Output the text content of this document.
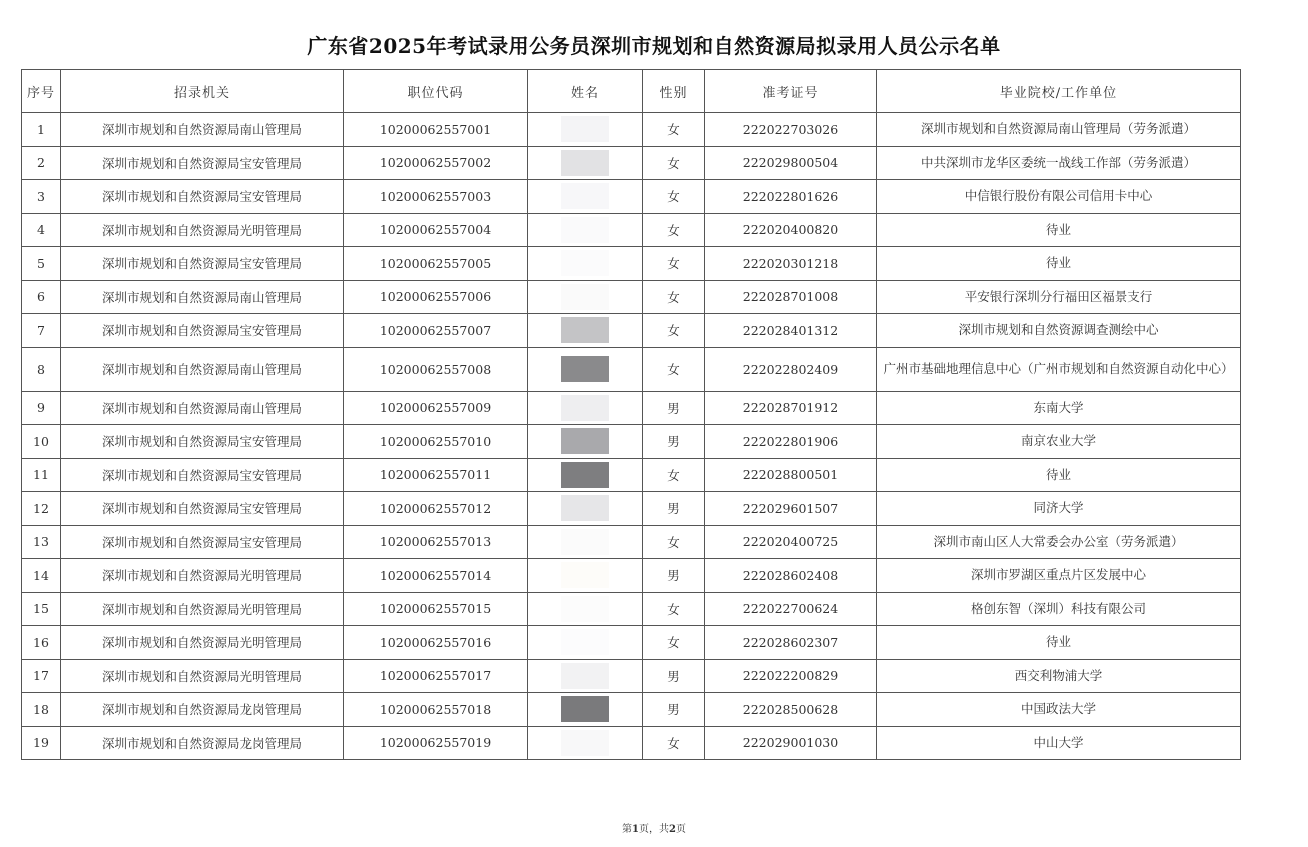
广东省2025年考试录用公务员深圳市规划和自然资源局拟录用人员公示名单
序号	招录机关	职位代码	姓名	性别	准考证号	毕业院校/工作单位
1	深圳市规划和自然资源局南山管理局	10200062557001		女	222022703026	深圳市规划和自然资源局南山管理局（劳务派遣）
2	深圳市规划和自然资源局宝安管理局	10200062557002		女	222029800504	中共深圳市龙华区委统一战线工作部（劳务派遣）
3	深圳市规划和自然资源局宝安管理局	10200062557003		女	222022801626	中信银行股份有限公司信用卡中心
4	深圳市规划和自然资源局光明管理局	10200062557004		女	222020400820	待业
5	深圳市规划和自然资源局宝安管理局	10200062557005		女	222020301218	待业
6	深圳市规划和自然资源局南山管理局	10200062557006		女	222028701008	平安银行深圳分行福田区福景支行
7	深圳市规划和自然资源局宝安管理局	10200062557007		女	222028401312	深圳市规划和自然资源调查测绘中心
8	深圳市规划和自然资源局南山管理局	10200062557008		女	222022802409	广州市基础地理信息中心（广州市规划和自然资源自动化中心）
9	深圳市规划和自然资源局南山管理局	10200062557009		男	222028701912	东南大学
10	深圳市规划和自然资源局宝安管理局	10200062557010		男	222022801906	南京农业大学
11	深圳市规划和自然资源局宝安管理局	10200062557011		女	222028800501	待业
12	深圳市规划和自然资源局宝安管理局	10200062557012		男	222029601507	同济大学
13	深圳市规划和自然资源局宝安管理局	10200062557013		女	222020400725	深圳市南山区人大常委会办公室（劳务派遣）
14	深圳市规划和自然资源局光明管理局	10200062557014		男	222028602408	深圳市罗湖区重点片区发展中心
15	深圳市规划和自然资源局光明管理局	10200062557015		女	222022700624	格创东智（深圳）科技有限公司
16	深圳市规划和自然资源局光明管理局	10200062557016		女	222028602307	待业
17	深圳市规划和自然资源局光明管理局	10200062557017		男	222022200829	西交利物浦大学
18	深圳市规划和自然资源局龙岗管理局	10200062557018		男	222028500628	中国政法大学
19	深圳市规划和自然资源局龙岗管理局	10200062557019		女	222029001030	中山大学
第1页，共2页
